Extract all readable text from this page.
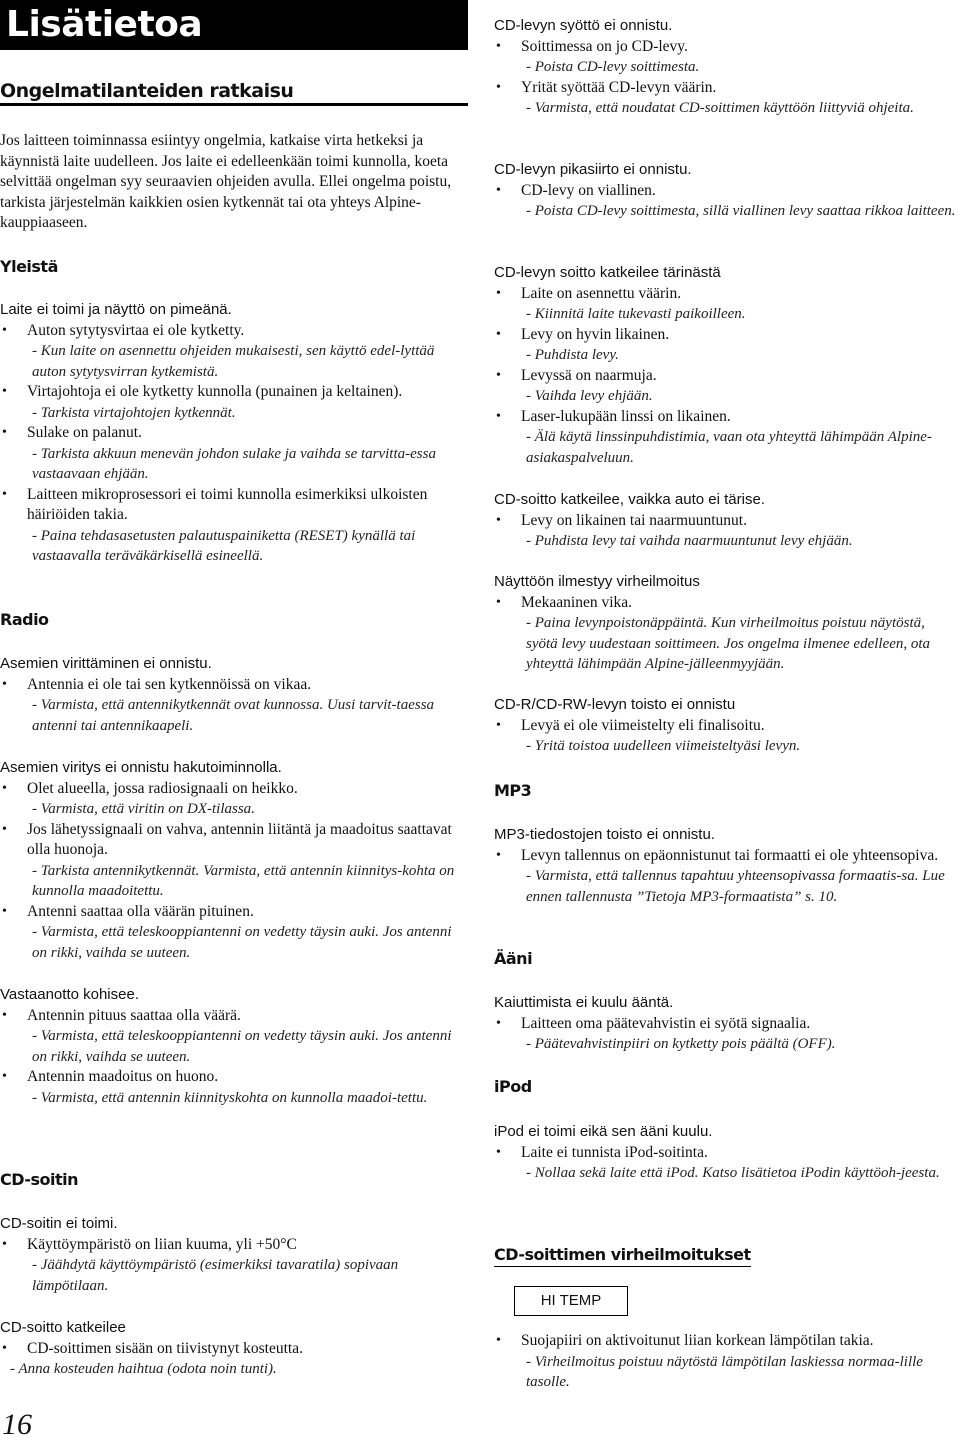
Lisätietoa
Ongelmatilanteiden ratkaisu

Jos laitteen toiminnassa esiintyy ongelmia, katkaise virta hetkeksi ja käynnistä laite uudelleen. Jos laite ei edelleenkään toimi kunnolla, koeta selvittää ongelman syy seuraavien ohjeiden avulla. Ellei ongelma poistu, tarkista järjestelmän kaikkien osien kytkennät tai ota yhteys Alpine-kauppiaaseen.

Yleistä
Laite ei toimi ja näyttö on pimeänä.
• Auton sytytysvirtaa ei ole kytketty.
- Kun laite on asennettu ohjeiden mukaisesti, sen käyttö edel-lyttää auton sytytysvirran kytkemistä.
• Virtajohtoja ei ole kytketty kunnolla (punainen ja keltainen).
- Tarkista virtajohtojen kytkennät.
• Sulake on palanut.
- Tarkista akkuun menevän johdon sulake ja vaihda se tarvitta-essa vastaavaan ehjään.
• Laitteen mikroprosessori ei toimi kunnolla esimerkiksi ulkoisten häiriöiden takia.
- Paina tehdasasetusten palautuspainiketta (RESET) kynällä tai vastaavalla teräväkärkisellä esineellä.
Radio
Asemien virittäminen ei onnistu.
• Antennia ei ole tai sen kytkennöissä on vikaa.
- Varmista, että antennikytkennät ovat kunnossa. Uusi tarvit-taessa antenni tai antennikaapeli.
Asemien viritys ei onnistu hakutoiminnolla.
• Olet alueella, jossa radiosignaali on heikko.
- Varmista, että viritin on DX-tilassa.
• Jos lähetyssignaali on vahva, antennin liitäntä ja maadoitus saattavat olla huonoja.
- Tarkista antennikytkennät. Varmista, että antennin kiinnitys-kohta on kunnolla maadoitettu.
• Antenni saattaa olla väärän pituinen.
- Varmista, että teleskooppiantenni on vedetty täysin auki. Jos antenni on rikki, vaihda se uuteen.
Vastaanotto kohisee.
• Antennin pituus saattaa olla väärä.
- Varmista, että teleskooppiantenni on vedetty täysin auki. Jos antenni on rikki, vaihda se uuteen.
• Antennin maadoitus on huono.
- Varmista, että antennin kiinnityskohta on kunnolla maadoi-tettu.
CD-soitin
CD-soitin ei toimi.
• Käyttöympäristö on liian kuuma, yli +50°C
- Jäähdytä käyttöympäristö (esimerkiksi tavaratila) sopivaan lämpötilaan.
CD-soitto katkeilee
• CD-soittimen sisään on tiivistynyt kosteutta.
- Anna kosteuden haihtua (odota noin tunti).
16
CD-levyn syöttö ei onnistu.
• Soittimessa on jo CD-levy.
- Poista CD-levy soittimesta.
• Yrität syöttää CD-levyn väärin.
- Varmista, että noudatat CD-soittimen käyttöön liittyviä ohjeita.
CD-levyn pikasiirto ei onnistu.
• CD-levy on viallinen.
- Poista CD-levy soittimesta, sillä viallinen levy saattaa rikkoa laitteen.
CD-levyn soitto katkeilee tärinästä
• Laite on asennettu väärin.
- Kiinnitä laite tukevasti paikoilleen.
• Levy on hyvin likainen.
- Puhdista levy.
• Levyssä on naarmuja.
- Vaihda levy ehjään.
• Laser-lukupään linssi on likainen.
- Älä käytä linssinpuhdistimia, vaan ota yhteyttä lähimpään Alpine-asiakaspalveluun.
CD-soitto katkeilee, vaikka auto ei tärise.
• Levy on likainen tai naarmuuntunut.
- Puhdista levy tai vaihda naarmuuntunut levy ehjään.
Näyttöön ilmestyy virheilmoitus
• Mekaaninen vika.
- Paina levynpoistonäppäintä. Kun virheilmoitus poistuu näytöstä, syötä levy uudestaan soittimeen. Jos ongelma ilmenee edelleen, ota yhteyttä lähimpään Alpine-jälleenmyyjään.
CD-R/CD-RW-levyn toisto ei onnistu
• Levyä ei ole viimeistelty eli finalisoitu.
- Yritä toistoa uudelleen viimeisteltyäsi levyn.
MP3
MP3-tiedostojen toisto ei onnistu.
• Levyn tallennus on epäonnistunut tai formaatti ei ole yhteensopiva.
- Varmista, että tallennus tapahtuu yhteensopivassa formaatis-sa. Lue ennen tallennusta ”Tietoja MP3-formaatista” s. 10.
Ääni
Kaiuttimista ei kuulu ääntä.
• Laitteen oma päätevahvistin ei syötä signaalia.
- Päätevahvistinpiiri on kytketty pois päältä (OFF).
iPod
iPod ei toimi eikä sen ääni kuulu.
• Laite ei tunnista iPod-soitinta.
- Nollaa sekä laite että iPod. Katso lisätietoa iPodin käyttöoh-jeesta.
CD-soittimen virheilmoitukset
HI TEMP
• Suojapiiri on aktivoitunut liian korkean lämpötilan takia.
- Virheilmoitus poistuu näytöstä lämpötilan laskiessa normaa-lille tasolle.
